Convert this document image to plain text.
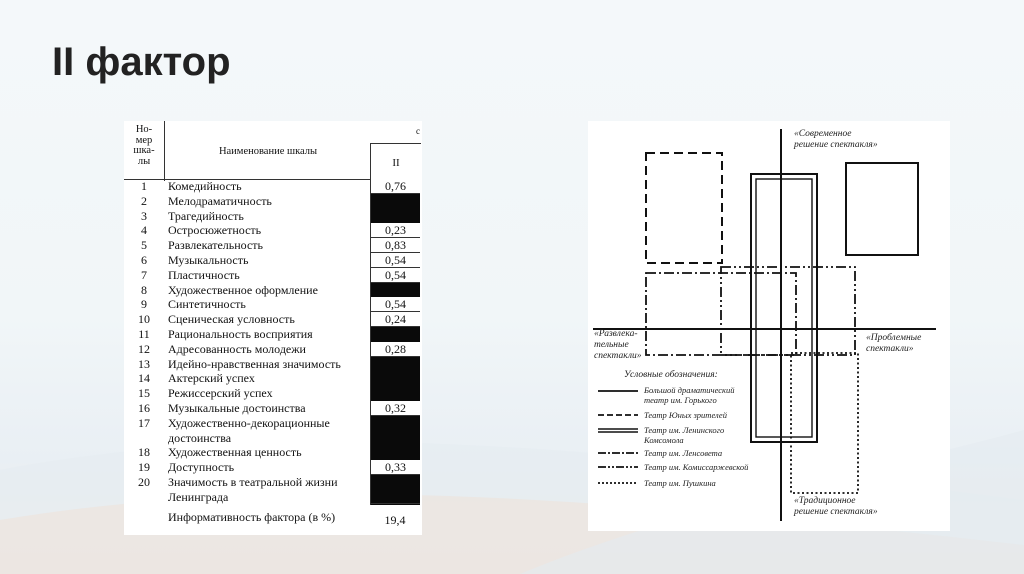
II фактор
Но-
мер
шка-
лы
Наименование шкалы
II
с
1	Комедийность	0,76
2	Мелодраматичность
3	Трагедийность
4	Остросюжетность	0,23
5	Развлекательность	0,83
6	Музыкальность	0,54
7	Пластичность	0,54
8	Художественное оформление
9	Синтетичность	0,54
10	Сценическая условность	0,24
11	Рациональность восприятия
12	Адресованность молодежи	0,28
13	Идейно-нравственная значимость
14	Актерский успех
15	Режиссерский успех
16	Музыкальные достоинства	0,32
17	Художественно-декорационные
достоинства
18	Художественная ценность
19	Доступность	0,33
20	Значимость в театральной жизни
Ленинграда
Информативность фактора (в %)	19,4
«Современное
решение спектакля»
«Развлека-
тельные
спектакли»
«Проблемные
спектакли»
«Традиционное
решение спектакля»
Условные обозначения:
Большой драматический
театр им. Горького
Театр Юных зрителей
Театр им. Ленинского
Комсомола
Театр им. Ленсовета
Театр им. Комиссаржевской
Театр им. Пушкина
